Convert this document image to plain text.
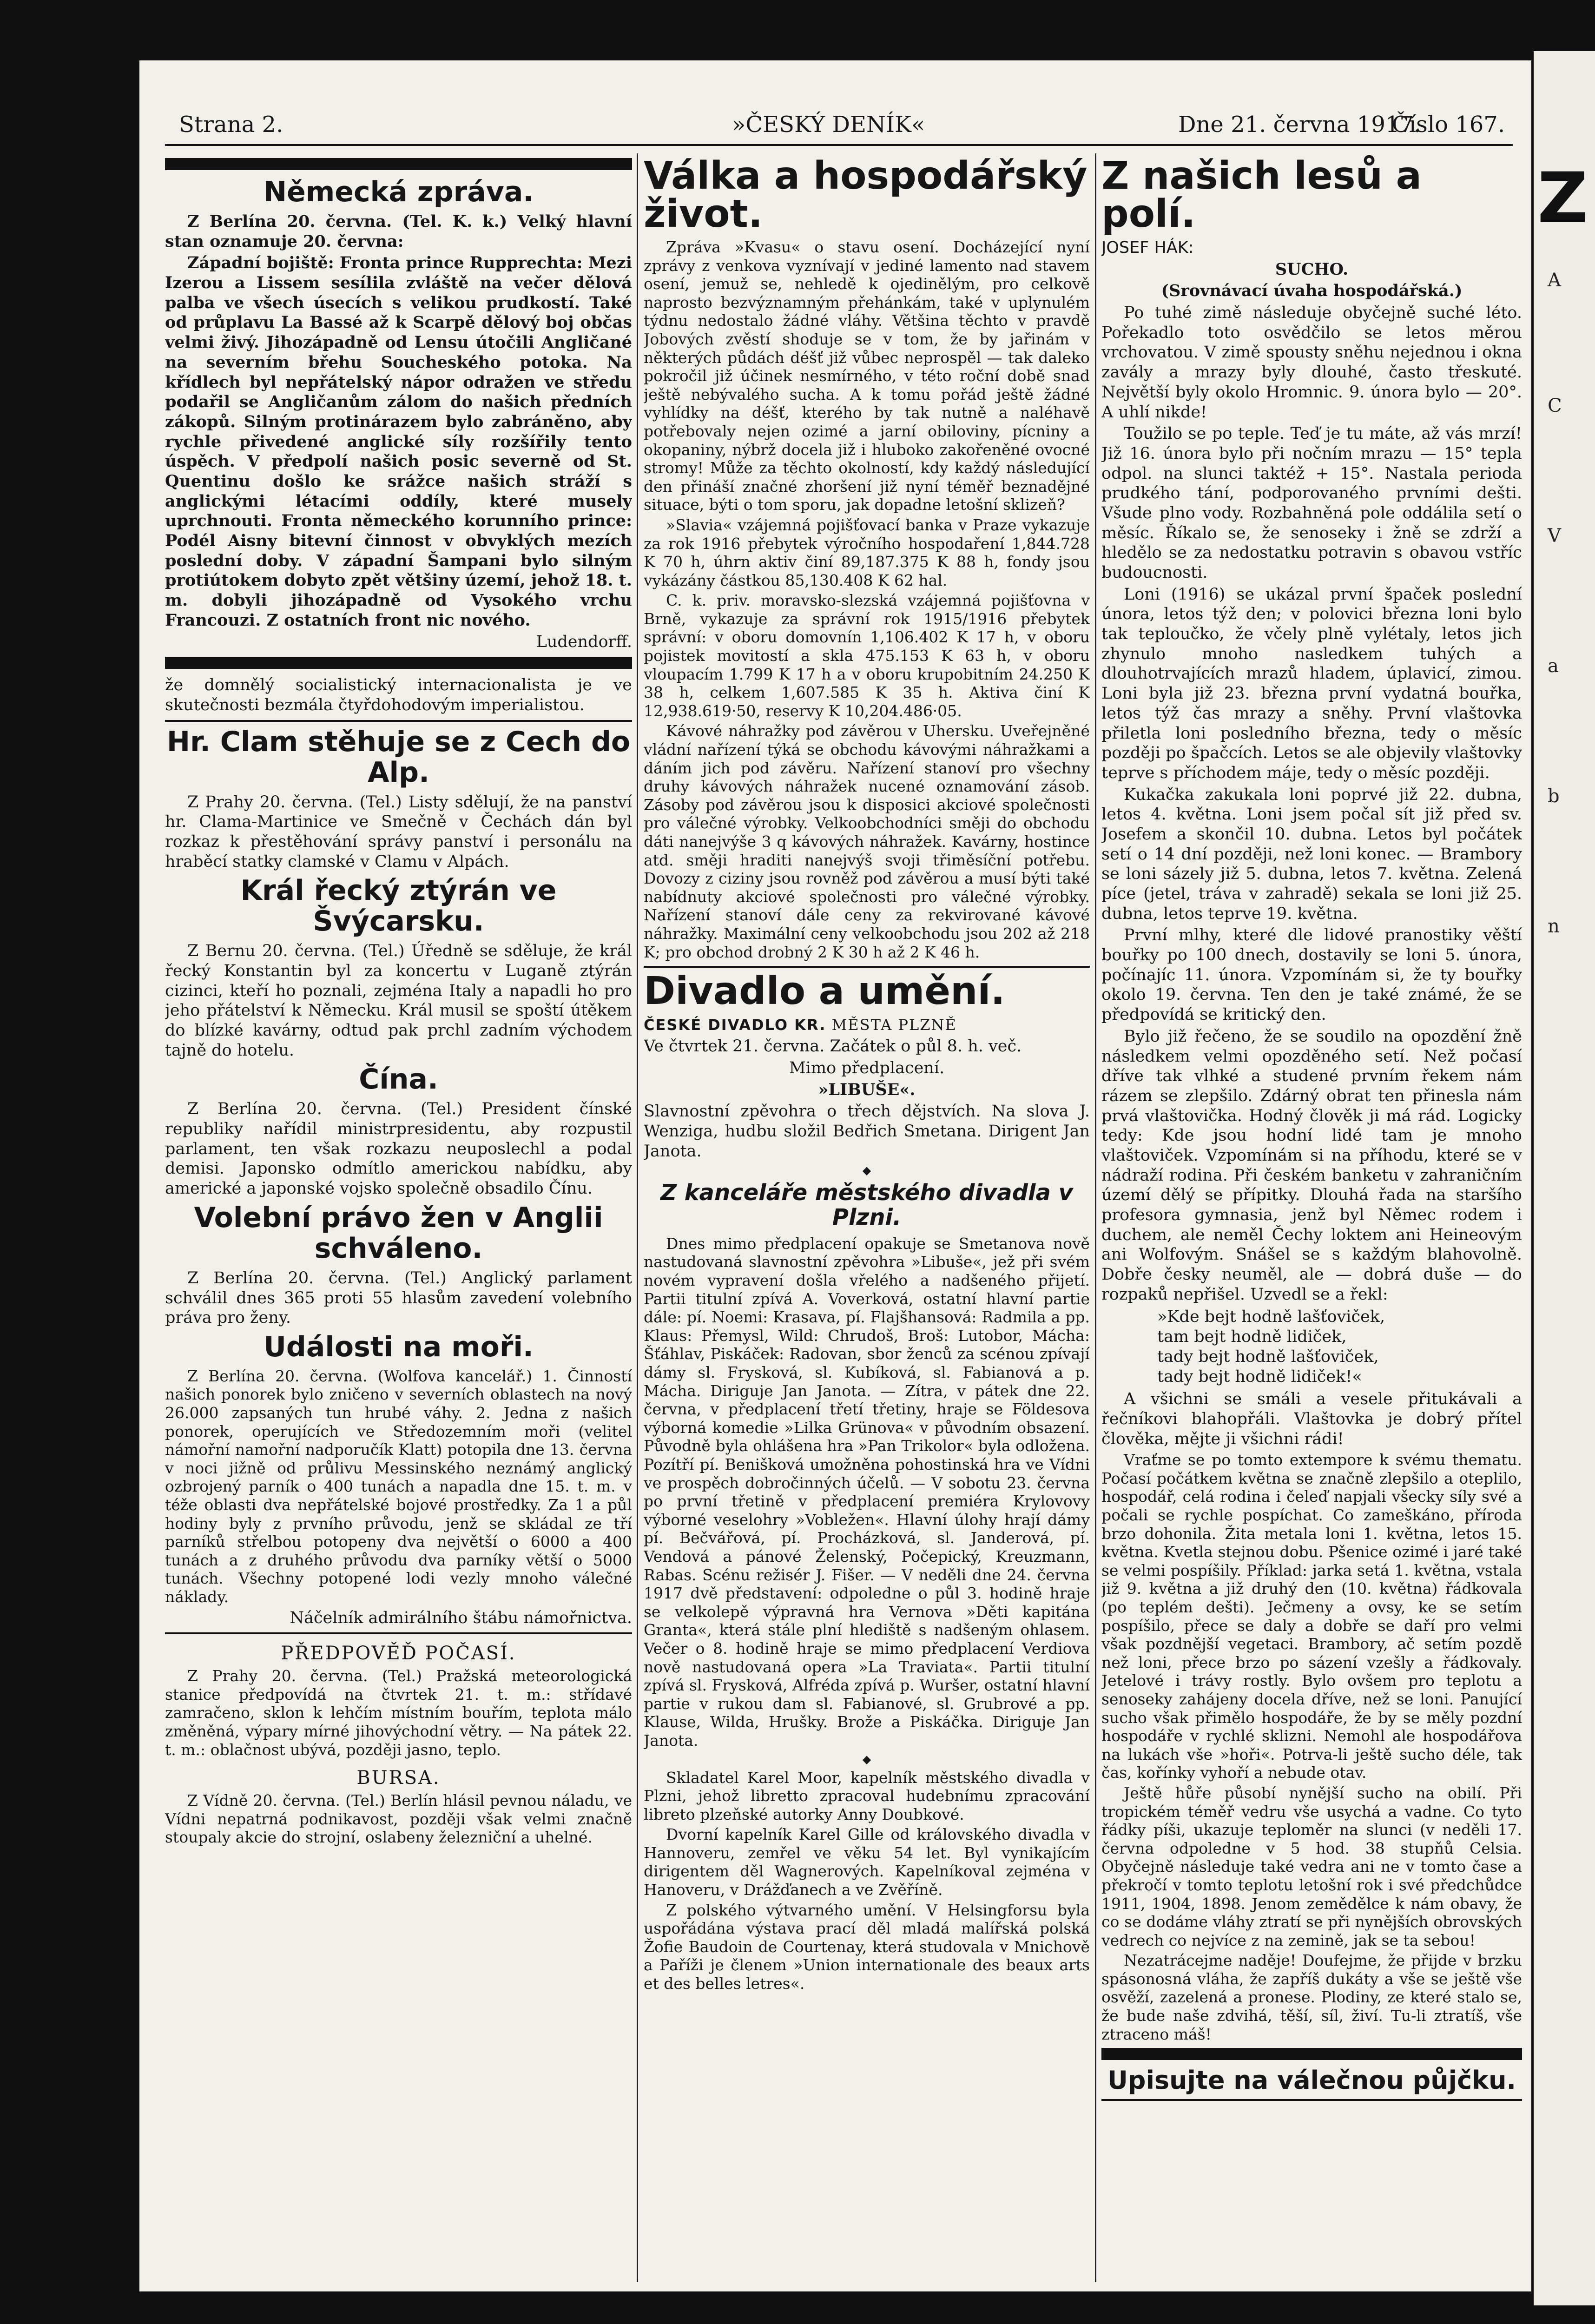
Strana 2.	»ČESKÝ DENÍK«	Dne 21. června 1917.
Číslo 167.
Německá zpráva.

Z Berlína 20. června. (Tel. K. k.) Velký hlavní stan oznamuje 20. června:

Západní bojiště: Fronta prince Rupprechta: Mezi Izerou a Lissem sesílila zvláště na večer dělová palba ve všech úsecích s velikou prudkostí. Také od průplavu La Bassé až k Scarpě dělový boj občas velmi živý. Jihozápadně od Lensu útočili Angličané na severním břehu Soucheského potoka. Na křídlech byl nepřátelský nápor odražen ve středu podařil se Angličanům zálom do našich předních zákopů. Silným protinárazem bylo zabráněno, aby rychle přivedené anglické síly rozšířily tento úspěch. V předpolí našich posic severně od St. Quentinu došlo ke srážce našich stráží s anglickými létacími oddíly, které musely uprchnouti. Fronta německého korunního prince: Podél Aisny bitevní činnost v obvyklých mezích poslední doby. V západní Šampani bylo silným protiútokem dobyto zpět většiny území, jehož 18. t. m. dobyli jihozápadně od Vysokého vrchu Francouzi. Z ostatních front nic nového.

Ludendorff.

že domnělý socialistický internacionalista je ve skutečnosti bezmála čtyřdohodovým imperialistou.

Hr. Clam stěhuje se z Cech do Alp.

Z Prahy 20. června. (Tel.) Listy sdělují, že na panství hr. Clama-Martinice ve Smečně v Čechách dán byl rozkaz k přestěhování správy panství i personálu na hraběcí statky clamské v Clamu v Alpách.

Král řecký ztýrán ve Švýcarsku.

Z Bernu 20. června. (Tel.) Úředně se sděluje, že král řecký Konstantin byl za koncertu v Luganě ztýrán cizinci, kteří ho poznali, zejména Italy a napadli ho pro jeho přátelství k Německu. Král musil se spoští útěkem do blízké kavárny, odtud pak prchl zadním východem tajně do hotelu.

Čína.

Z Berlína 20. června. (Tel.) President čínské republiky nařídil ministrpresidentu, aby rozpustil parlament, ten však rozkazu neuposlechl a podal demisi. Japonsko odmítlo americkou nabídku, aby americké a japonské vojsko společně obsadilo Čínu.

Volební právo žen v Anglii schváleno.

Z Berlína 20. června. (Tel.) Anglický parlament schválil dnes 365 proti 55 hlasům zavedení volebního práva pro ženy.

Události na moři.

Z Berlína 20. června. (Wolfova kancelář.) 1. Činností našich ponorek bylo zničeno v severních oblastech na nový 26.000 zapsaných tun hrubé váhy. 2. Jedna z našich ponorek, operujících ve Středozemním moři (velitel námořní namořní nadporučík Klatt) potopila dne 13. června v noci jižně od průlivu Messinského neznámý anglický ozbrojený parník o 400 tunách a napadla dne 15. t. m. v téže oblasti dva nepřátelské bojové prostředky. Za 1 a půl hodiny byly z prvního průvodu, jenž se skládal ze tří parníků střelbou potopeny dva největší o 6000 a 400 tunách a z druhého průvodu dva parníky větší o 5000 tunách. Všechny potopené lodi vezly mnoho válečné náklady.

Náčelník admirálního štábu námořnictva.

PŘEDPOVĚĎ POČASÍ.

Z Prahy 20. června. (Tel.) Pražská meteorologická stanice předpovídá na čtvrtek 21. t. m.: střídavé zamračeno, sklon k lehčím místním bouřím, teplota málo změněná, výpary mírné jihovýchodní větry. — Na pátek 22. t. m.: oblačnost ubývá, později jasno, teplo.

BURSA.

Z Vídně 20. června. (Tel.) Berlín hlásil pevnou náladu, ve Vídni nepatrná podnikavost, později však velmi značně stoupaly akcie do strojní, oslabeny železniční a uhelné.

Válka a hospodářský život.

Zpráva »Kvasu« o stavu osení. Docházející nyní zprávy z venkova vyznívají v jediné lamento nad stavem osení, jemuž se, nehledě k ojedinělým, pro celkově naprosto bezvýznamným přehánkám, také v uplynulém týdnu nedostalo žádné vláhy. Většina těchto v pravdě Jobových zvěstí shoduje se v tom, že by jařinám v některých půdách déšť již vůbec neprospěl — tak daleko pokročil již účinek nesmírného, v této roční době snad ještě nebývalého sucha. A k tomu pořád ještě žádné vyhlídky na déšť, kterého by tak nutně a naléhavě potřebovaly nejen ozimé a jarní obiloviny, pícniny a okopaniny, nýbrž docela již i hluboko zakořeněné ovocné stromy! Může za těchto okolností, kdy každý následující den přináší značné zhoršení již nyní téměř beznadějné situace, býti o tom sporu, jak dopadne letošní sklizeň?

»Slavia« vzájemná pojišťovací banka v Praze vykazuje za rok 1916 přebytek výročního hospodaření 1,844.728 K 70 h, úhrn aktiv činí 89,187.375 K 88 h, fondy jsou vykázány částkou 85,130.408 K 62 hal.

C. k. priv. moravsko-slezská vzájemná pojišťovna v Brně, vykazuje za správní rok 1915/1916 přebytek správní: v oboru domovnín 1,106.402 K 17 h, v oboru pojistek movitostí a skla 475.153 K 63 h, v oboru vloupacím 1.799 K 17 h a v oboru krupobitním 24.250 K 38 h, celkem 1,607.585 K 35 h. Aktiva činí K 12,938.619·50, reservy K 10,204.486·05.

Kávové náhražky pod závěrou v Uhersku. Uveřejněné vládní nařízení týká se obchodu kávovými náhražkami a dáním jich pod závěru. Nařízení stanoví pro všechny druhy kávových náhražek nucené oznamování zásob. Zásoby pod závěrou jsou k disposici akciové společnosti pro válečné výrobky. Velkoobchodníci směji do obchodu dáti nanejvýše 3 q kávových náhražek. Kavárny, hostince atd. směji hraditi nanejvýš svoji třiměsíční potřebu. Dovozy z ciziny jsou rovněž pod závěrou a musí býti také nabídnuty akciové společnosti pro válečné výrobky. Nařízení stanoví dále ceny za rekvirované kávové náhražky. Maximální ceny velkoobchodu jsou 202 až 218 K; pro obchod drobný 2 K 30 h až 2 K 46 h.

Divadlo a umění.
ČESKÉ DIVADLO KR. MĚSTA PLZNĚ

Ve čtvrtek 21. června. Začátek o půl 8. h. več.

Mimo předplacení.

»LIBUŠE«.

Slavnostní zpěvohra o třech dějstvích. Na slova J. Wenziga, hudbu složil Bedřich Smetana. Dirigent Jan Janota.

◆
Z kanceláře městského divadla v Plzni.

Dnes mimo předplacení opakuje se Smetanova nově nastudovaná slavnostní zpěvohra »Libuše«, jež při svém novém vypravení došla vřelého a nadšeného přijetí. Partii titulní zpívá A. Voverková, ostatní hlavní partie dále: pí. Noemi: Krasava, pí. Flajšhansová: Radmila a pp. Klaus: Přemysl, Wild: Chrudoš, Broš: Lutobor, Mácha: Šťáhlav, Piskáček: Radovan, sbor ženců za scénou zpívají dámy sl. Frysková, sl. Kubíková, sl. Fabianová a p. Mácha. Diriguje Jan Janota. — Zítra, v pátek dne 22. června, v předplacení třetí třetiny, hraje se Földesova výborná komedie »Lilka Grünova« v původním obsazení. Původně byla ohlášena hra »Pan Trikolor« byla odložena. Pozítří pí. Benišková umožněna pohostinská hra ve Vídni ve prospěch dobročinných účelů. — V sobotu 23. června po první třetině v předplacení premiéra Krylovovy výborné veselohry »Vobležen«. Hlavní úlohy hrají dámy pí. Bečvářová, pí. Procházková, sl. Janderová, pí. Vendová a pánové Želenský, Počepický, Kreuzmann, Rabas. Scénu režisér J. Fišer. — V neděli dne 24. června 1917 dvě představení: odpoledne o půl 3. hodině hraje se velkolepě výpravná hra Vernova »Děti kapitána Granta«, která stále plní hlediště s nadšeným ohlasem. Večer o 8. hodině hraje se mimo předplacení Verdiova nově nastudovaná opera »La Traviata«. Partii titulní zpívá sl. Frysková, Alfréda zpívá p. Wuršer, ostatní hlavní partie v rukou dam sl. Fabianové, sl. Grubrové a pp. Klause, Wilda, Hrušky. Brože a Piskáčka. Diriguje Jan Janota.

◆

Skladatel Karel Moor, kapelník městského divadla v Plzni, jehož libretto zpracoval hudebnímu zpracování libreto plzeňské autorky Anny Doubkové.

Dvorní kapelník Karel Gille od královského divadla v Hannoveru, zemřel ve věku 54 let. Byl vynikajícím dirigentem děl Wagnerových. Kapelníkoval zejména v Hanoveru, v Drážďanech a ve Zvěříně.

Z polského výtvarného umění. V Helsingforsu byla uspořádána výstava prací děl mladá malířská polská Žofie Baudoin de Courtenay, která studovala v Mnichově a Paříži je členem »Union internationale des beaux arts et des belles letres«.

Z našich lesů a polí.

JOSEF HÁK:

SUCHO.

(Srovnávací úvaha hospodářská.)

Po tuhé zimě následuje obyčejně suché léto. Pořekadlo toto osvědčilo se letos měrou vrchovatou. V zimě spousty sněhu nejednou i okna zavály a mrazy byly dlouhé, často třeskuté. Největší byly okolo Hromnic. 9. února bylo — 20°. A uhlí nikde!

Toužilo se po teple. Teď je tu máte, až vás mrzí! Již 16. února bylo při nočním mrazu — 15° tepla odpol. na slunci taktéž + 15°. Nastala perioda prudkého tání, podporovaného prvními dešti. Všude plno vody. Rozbahněná pole oddálila setí o měsíc. Říkalo se, že senoseky i žně se zdrží a hledělo se za nedostatku potravin s obavou vstříc budoucnosti.

Loni (1916) se ukázal první špaček poslední února, letos týž den; v polovici března loni bylo tak teploučko, že včely plně vylétaly, letos jich zhynulo mnoho nasledkem tuhých a dlouhotrvajících mrazů hladem, úplavicí, zimou. Loni byla již 23. března první vydatná bouřka, letos týž čas mrazy a sněhy. První vlaštovka přiletla loni posledního března, tedy o měsíc později po špačcích. Letos se ale objevily vlaštovky teprve s příchodem máje, tedy o měsíc později.

Kukačka zakukala loni poprvé již 22. dubna, letos 4. května. Loni jsem počal sít již před sv. Josefem a skončil 10. dubna. Letos byl počátek setí o 14 dní později, než loni konec. — Brambory se loni sázely již 5. dubna, letos 7. května. Zelená píce (jetel, tráva v zahradě) sekala se loni již 25. dubna, letos teprve 19. května.

První mlhy, které dle lidové pranostiky věští bouřky po 100 dnech, dostavily se loni 5. února, počínajíc 11. února. Vzpomínám si, že ty bouřky okolo 19. června. Ten den je také známé, že se předpovídá se kritický den.

Bylo již řečeno, že se soudilo na opozdění žně následkem velmi opozděného setí. Než počasí dříve tak vlhké a studené prvním řekem nám rázem se zlepšilo. Zdárný obrat ten přinesla nám prvá vlaštovička. Hodný člověk ji má rád. Logicky tedy: Kde jsou hodní lidé tam je mnoho vlaštoviček. Vzpomínám si na příhodu, které se v nádraží rodina. Při českém banketu v zahraničním území dělý se přípitky. Dlouhá řada na staršího profesora gymnasia, jenž byl Němec rodem i duchem, ale neměl Čechy loktem ani Heineovým ani Wolfovým. Snášel se s každým blahovolně. Dobře česky neuměl, ale — dobrá duše — do rozpaků nepřišel. Uzvedl se a řekl:

»Kde bejt hodně lašťoviček,
tam bejt hodně lidiček,
tady bejt hodně lašťoviček,
tady bejt hodně lidiček!«

A všichni se smáli a vesele přitukávali a řečníkovi blahopřáli. Vlaštovka je dobrý přítel člověka, mějte ji všichni rádi!

Vraťme se po tomto extempore k svému thematu. Počasí počátkem května se značně zlepšilo a oteplilo, hospodář, celá rodina i čeleď napjali všecky síly své a počali se rychle pospíchat. Co zameškáno, příroda brzo dohonila. Žita metala loni 1. května, letos 15. května. Kvetla stejnou dobu. Pšenice ozimé i jaré také se velmi pospíšily. Příklad: jarka setá 1. května, vstala již 9. května a již druhý den (10. května) řádkovala (po teplém dešti). Ječmeny a ovsy, ke se setím pospíšilo, přece se daly a dobře se daří pro velmi však pozdnější vegetaci. Brambory, ač setím pozdě než loni, přece brzo po sázení vzešly a řádkovaly. Jetelové i trávy rostly. Bylo ovšem pro teplotu a senoseky zahájeny docela dříve, než se loni. Panující sucho však přimělo hospodáře, že by se měly pozdní hospodáře v rychlé sklizni. Nemohl ale hospodářova na lukách vše »hoři«. Potrva-li ještě sucho déle, tak čas, kořínky vyhoří a nebude otav.

Ještě hůře působí nynější sucho na obilí. Při tropickém téměř vedru vše usychá a vadne. Co tyto řádky píši, ukazuje teploměr na slunci (v neděli 17. června odpoledne v 5 hod. 38 stupňů Celsia. Obyčejně následuje také vedra ani ne v tomto čase a překročí v tomto teplotu letošní rok i své předchůdce 1911, 1904, 1898. Jenom zemědělce k nám obavy, že co se dodáme vláhy ztratí se při nynějších obrovských vedrech co nejvíce z na zemině, jak se ta sebou!

Nezatrácejme naděje! Doufejme, že přijde v brzku spásonosná vláha, že zapříš dukáty a vše se ještě vše osvěží, zazelená a pronese. Plodiny, ze které stalo se, že bude naše zdvihá, těší, síl, živí. Tu-li ztratíš, vše ztraceno máš!

Upisujte na válečnou půjčku.
Z
A
C
V
a
b
n
